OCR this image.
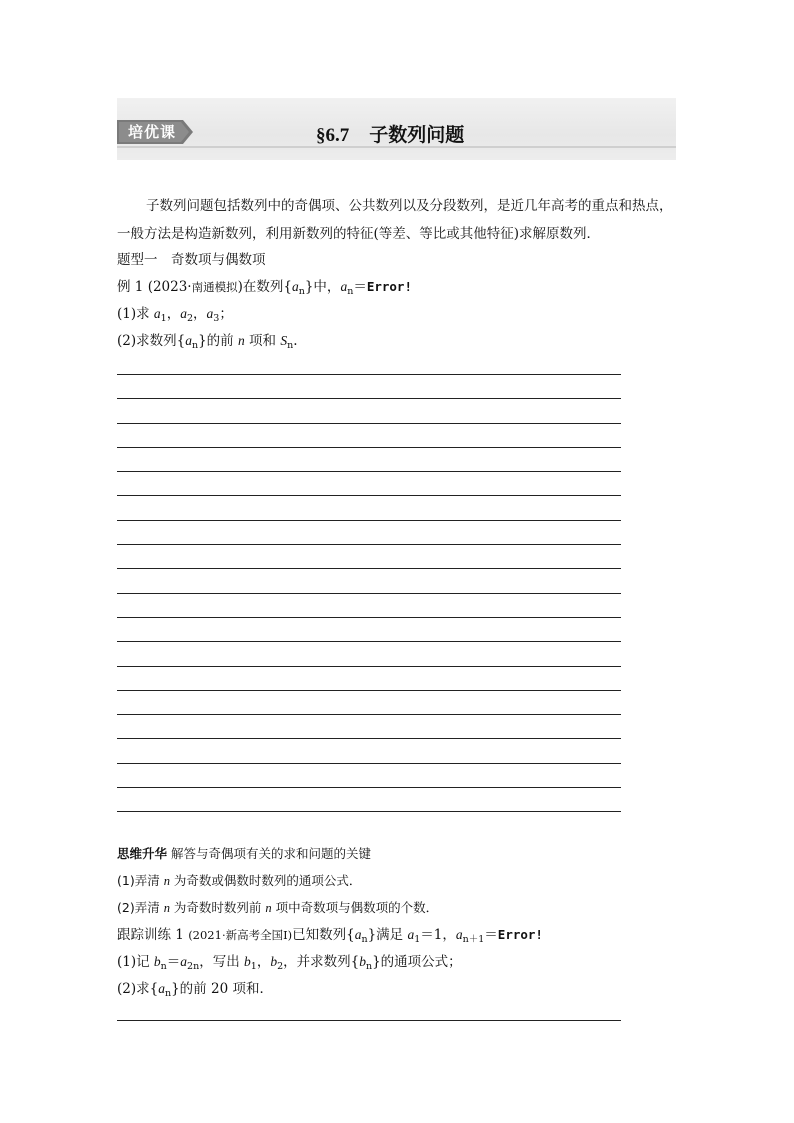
培优课	§6.7 子数列问题
子数列问题包括数列中的奇偶项、公共数列以及分段数列，是近几年高考的重点和热点，
一般方法是构造新数列，利用新数列的特征(等差、等比或其他特征)求解原数列．
题型一　奇数项与偶数项
例 1 (2023·南通模拟)在数列$\{a_n\}$中，$a_n=Error$!
(1)求 $a_1$，$a_2$，$a_3$；
(2)求数列$\{a_n\}$的前 n 项和 $S_n$.
思维升华 解答与奇偶项有关的求和问题的关键
(1)弄清 n 为奇数或偶数时数列的通项公式．
(2)弄清 n 为奇数时数列前 n 项中奇数项与偶数项的个数．
跟踪训练 1 (2021·新高考全国Ⅰ)已知数列$\{a_n\}$满足 $a_1=1$，$a_{n+1}=Error$!
(1)记 $b_n=a_{2n}$，写出 $b_1$，$b_2$，并求数列$\{b_n\}$的通项公式；
(2)求$\{a_n\}$的前 20 项和．
